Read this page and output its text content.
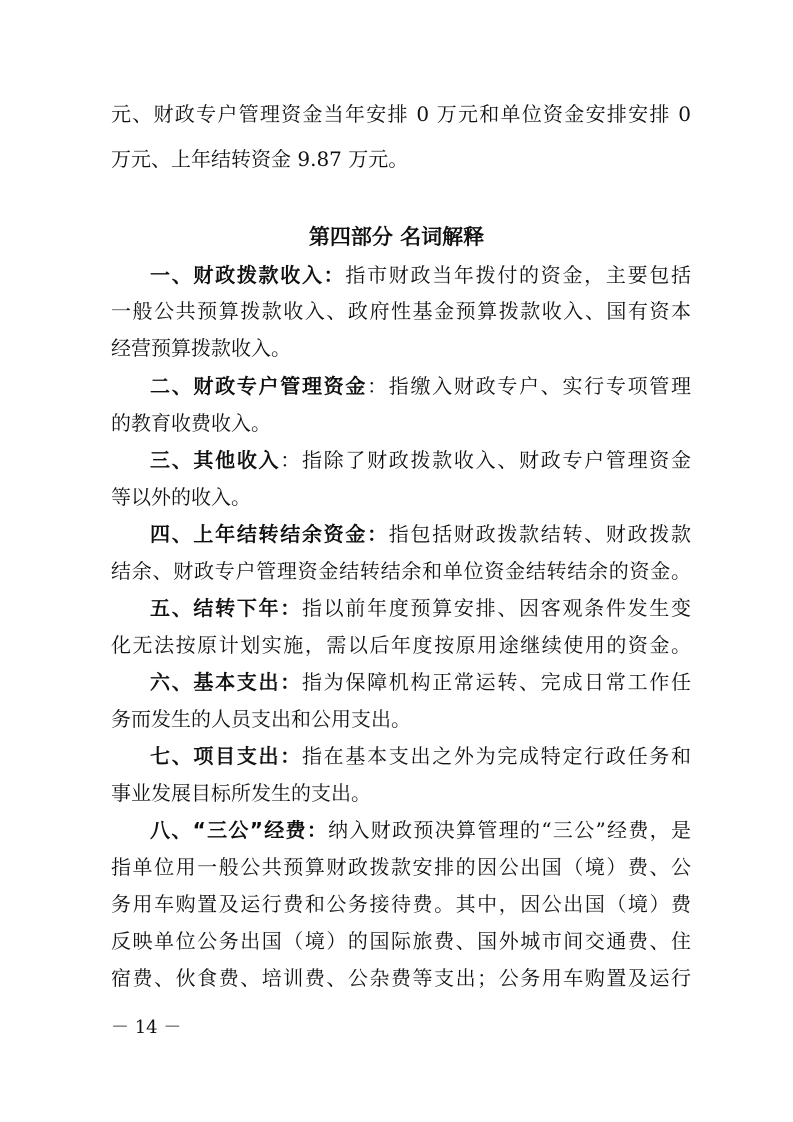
元、财政专户管理资金当年安排 0 万元和单位资金安排安排 0
万元、上年结转资金 9.87 万元。
第四部分 名词解释
一、财政拨款收入：指市财政当年拨付的资金，主要包括
一般公共预算拨款收入、政府性基金预算拨款收入、国有资本
经营预算拨款收入。
二、财政专户管理资金：指缴入财政专户、实行专项管理
的教育收费收入。
三、其他收入：指除了财政拨款收入、财政专户管理资金
等以外的收入。
四、上年结转结余资金：指包括财政拨款结转、财政拨款
结余、财政专户管理资金结转结余和单位资金结转结余的资金。
五、结转下年：指以前年度预算安排、因客观条件发生变
化无法按原计划实施，需以后年度按原用途继续使用的资金。
六、基本支出：指为保障机构正常运转、完成日常工作任
务而发生的人员支出和公用支出。
七、项目支出：指在基本支出之外为完成特定行政任务和
事业发展目标所发生的支出。
八、“三公”经费：纳入财政预决算管理的“三公”经费，是
指单位用一般公共预算财政拨款安排的因公出国（境）费、公
务用车购置及运行费和公务接待费。其中，因公出国（境）费
反映单位公务出国（境）的国际旅费、国外城市间交通费、住
宿费、伙食费、培训费、公杂费等支出；公务用车购置及运行
－ 14 －
